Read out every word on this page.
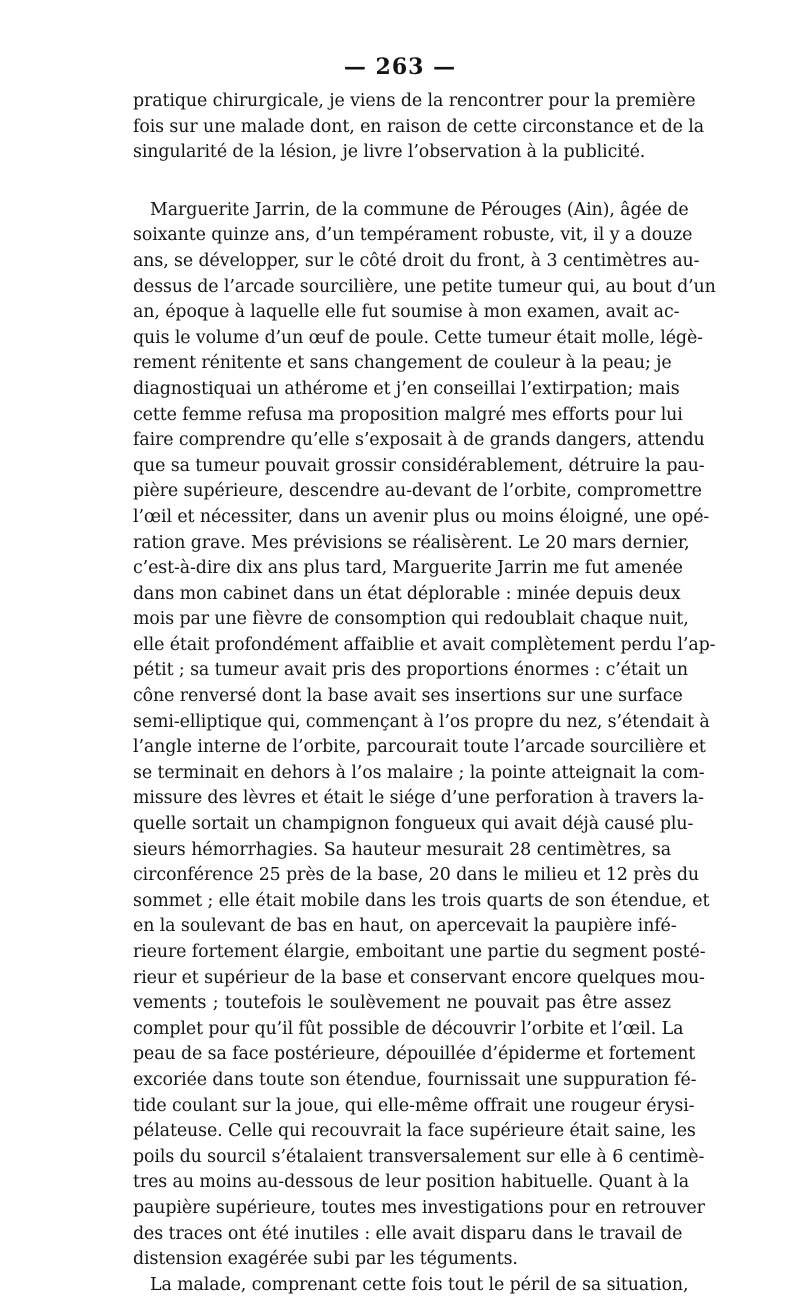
— 263 —
pratique chirurgicale, je viens de la rencontrer pour la première
fois sur une malade dont, en raison de cette circonstance et de la
singularité de la lésion, je livre l’observation à la publicité.
Marguerite Jarrin, de la commune de Pérouges (Ain), âgée de
soixante quinze ans, d’un tempérament robuste, vit, il y a douze
ans, se développer, sur le côté droit du front, à 3 centimètres au-
dessus de l’arcade sourcilière, une petite tumeur qui, au bout d’un
an, époque à laquelle elle fut soumise à mon examen, avait ac-
quis le volume d’un œuf de poule. Cette tumeur était molle, légè-
rement rénitente et sans changement de couleur à la peau; je
diagnostiquai un athérome et j’en conseillai l’extirpation; mais
cette femme refusa ma proposition malgré mes efforts pour lui
faire comprendre qu’elle s’exposait à de grands dangers, attendu
que sa tumeur pouvait grossir considérablement, détruire la pau-
pière supérieure, descendre au-devant de l’orbite, compromettre
l’œil et nécessiter, dans un avenir plus ou moins éloigné, une opé-
ration grave. Mes prévisions se réalisèrent. Le 20 mars dernier,
c’est-à-dire dix ans plus tard, Marguerite Jarrin me fut amenée
dans mon cabinet dans un état déplorable : minée depuis deux
mois par une fièvre de consomption qui redoublait chaque nuit,
elle était profondément affaiblie et avait complètement perdu l’ap-
pétit ; sa tumeur avait pris des proportions énormes : c’était un
cône renversé dont la base avait ses insertions sur une surface
semi-elliptique qui, commençant à l’os propre du nez, s’étendait à
l’angle interne de l’orbite, parcourait toute l’arcade sourcilière et
se terminait en dehors à l’os malaire ; la pointe atteignait la com-
missure des lèvres et était le siége d’une perforation à travers la-
quelle sortait un champignon fongueux qui avait déjà causé plu-
sieurs hémorrhagies. Sa hauteur mesurait 28 centimètres, sa
circonférence 25 près de la base, 20 dans le milieu et 12 près du
sommet ; elle était mobile dans les trois quarts de son étendue, et
en la soulevant de bas en haut, on apercevait la paupière infé-
rieure fortement élargie, emboitant une partie du segment posté-
rieur et supérieur de la base et conservant encore quelques mou-
vements ; toutefois le soulèvement ne pouvait pas être assez
complet pour qu’il fût possible de découvrir l’orbite et l’œil. La
peau de sa face postérieure, dépouillée d’épiderme et fortement
excoriée dans toute son étendue, fournissait une suppuration fé-
tide coulant sur la joue, qui elle-même offrait une rougeur érysi-
pélateuse. Celle qui recouvrait la face supérieure était saine, les
poils du sourcil s’étalaient transversalement sur elle à 6 centimè-
tres au moins au-dessous de leur position habituelle. Quant à la
paupière supérieure, toutes mes investigations pour en retrouver
des traces ont été inutiles : elle avait disparu dans le travail de
distension exagérée subi par les téguments.
La malade, comprenant cette fois tout le péril de sa situation,
